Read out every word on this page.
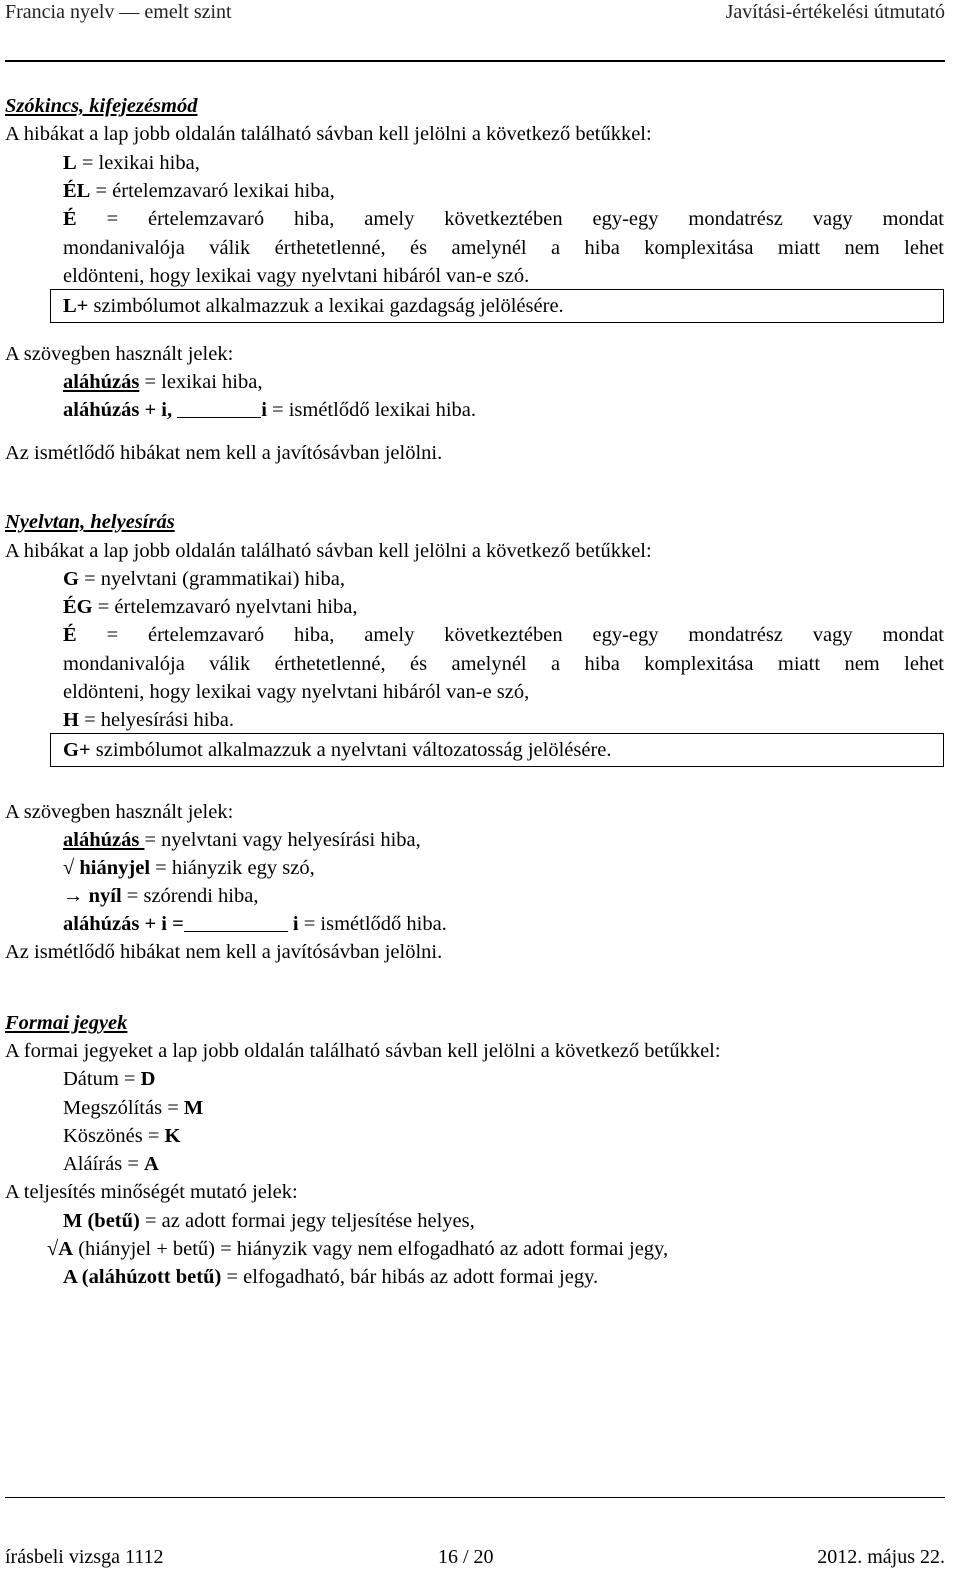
Francia nyelv — emelt szint	Javítási-értékelési útmutató
Szókincs, kifejezésmód
A hibákat a lap jobb oldalán található sávban kell jelölni a következő betűkkel:
L = lexikai hiba,
ÉL = értelemzavaró lexikai hiba,
É = értelemzavaró hiba, amely következtében egy-egy mondatrész vagy mondat
mondanivalója válik érthetetlenné, és amelynél a hiba komplexitása miatt nem lehet
eldönteni, hogy lexikai vagy nyelvtani hibáról van-e szó.
L+ szimbólumot alkalmazzuk a lexikai gazdagság jelölésére.
A szövegben használt jelek:
aláhúzás = lexikai hiba,
aláhúzás + i,	i = ismétlődő lexikai hiba.
Az ismétlődő hibákat nem kell a javítósávban jelölni.
Nyelvtan, helyesírás
A hibákat a lap jobb oldalán található sávban kell jelölni a következő betűkkel:
G = nyelvtani (grammatikai) hiba,
ÉG = értelemzavaró nyelvtani hiba,
É = értelemzavaró hiba, amely következtében egy-egy mondatrész vagy mondat
mondanivalója válik érthetetlenné, és amelynél a hiba komplexitása miatt nem lehet
eldönteni, hogy lexikai vagy nyelvtani hibáról van-e szó,
H = helyesírási hiba.
G+ szimbólumot alkalmazzuk a nyelvtani változatosság jelölésére.
A szövegben használt jelek:
aláhúzás = nyelvtani vagy helyesírási hiba,
√ hiányjel = hiányzik egy szó,
→ nyíl = szórendi hiba,
aláhúzás + i =	i = ismétlődő hiba.
Az ismétlődő hibákat nem kell a javítósávban jelölni.
Formai jegyek
A formai jegyeket a lap jobb oldalán található sávban kell jelölni a következő betűkkel:
Dátum = D
Megszólítás = M
Köszönés = K
Aláírás = A
A teljesítés minőségét mutató jelek:
M (betű) = az adott formai jegy teljesítése helyes,
√A (hiányjel + betű) = hiányzik vagy nem elfogadható az adott formai jegy,
A (aláhúzott betű) = elfogadható, bár hibás az adott formai jegy.
írásbeli vizsga 1112	16 / 20	2012. május 22.
